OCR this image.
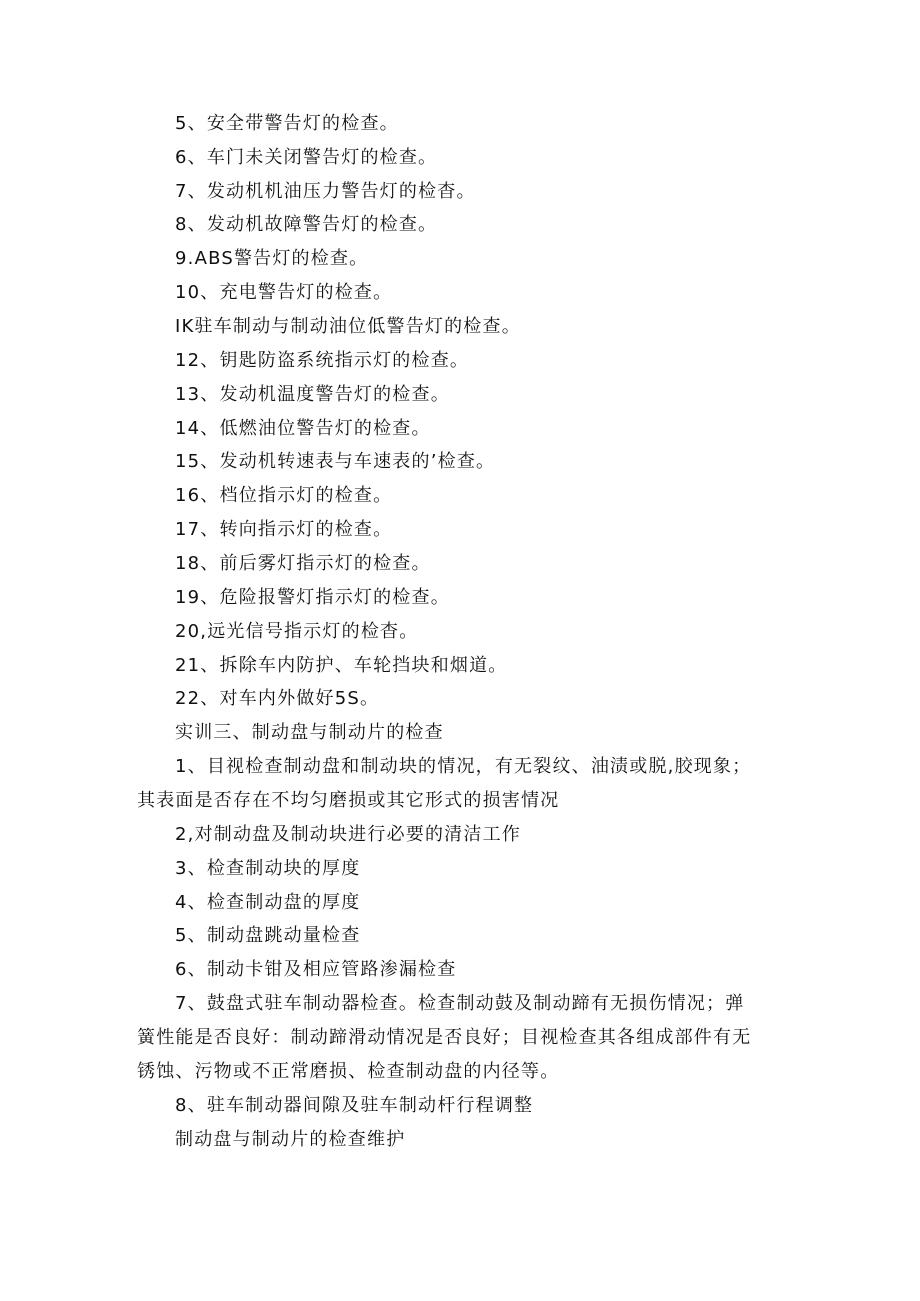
5、安全带警告灯的检查。
6、车门未关闭警告灯的检查。
7、发动机机油压力警告灯的检杳。
8、发动机故障警告灯的检查。
9.ABS警告灯的检查。
10、充电警告灯的检查。
IK驻车制动与制动油位低警告灯的检查。
12、钥匙防盗系统指示灯的检查。
13、发动机温度警告灯的检查。
14、低燃油位警告灯的检查。
15、发动机转速表与车速表的’检查。
16、档位指示灯的检查。
17、转向指示灯的检查。
18、前后雾灯指示灯的检查。
19、危险报警灯指示灯的检查。
20,远光信号指示灯的检杳。
21、拆除车内防护、车轮挡块和烟道。
22、对车内外做好5S。
实训三、制动盘与制动片的检查
1、目视检查制动盘和制动块的情况，有无裂纹、油渍或脱,胶现象；
其表面是否存在不均匀磨损或其它形式的损害情况
2,对制动盘及制动块进行必要的清洁工作
3、检查制动块的厚度
4、检查制动盘的厚度
5、制动盘跳动量检查
6、制动卡钳及相应管路渗漏检查
7、鼓盘式驻车制动器检查。检查制动鼓及制动蹄有无损伤情况；弹
簧性能是否良好：制动蹄滑动情况是否良好；目视检查其各组成部件有无
锈蚀、污物或不正常磨损、检查制动盘的内径等。
8、驻车制动器间隙及驻车制动杆行程调整
制动盘与制动片的检查维护
